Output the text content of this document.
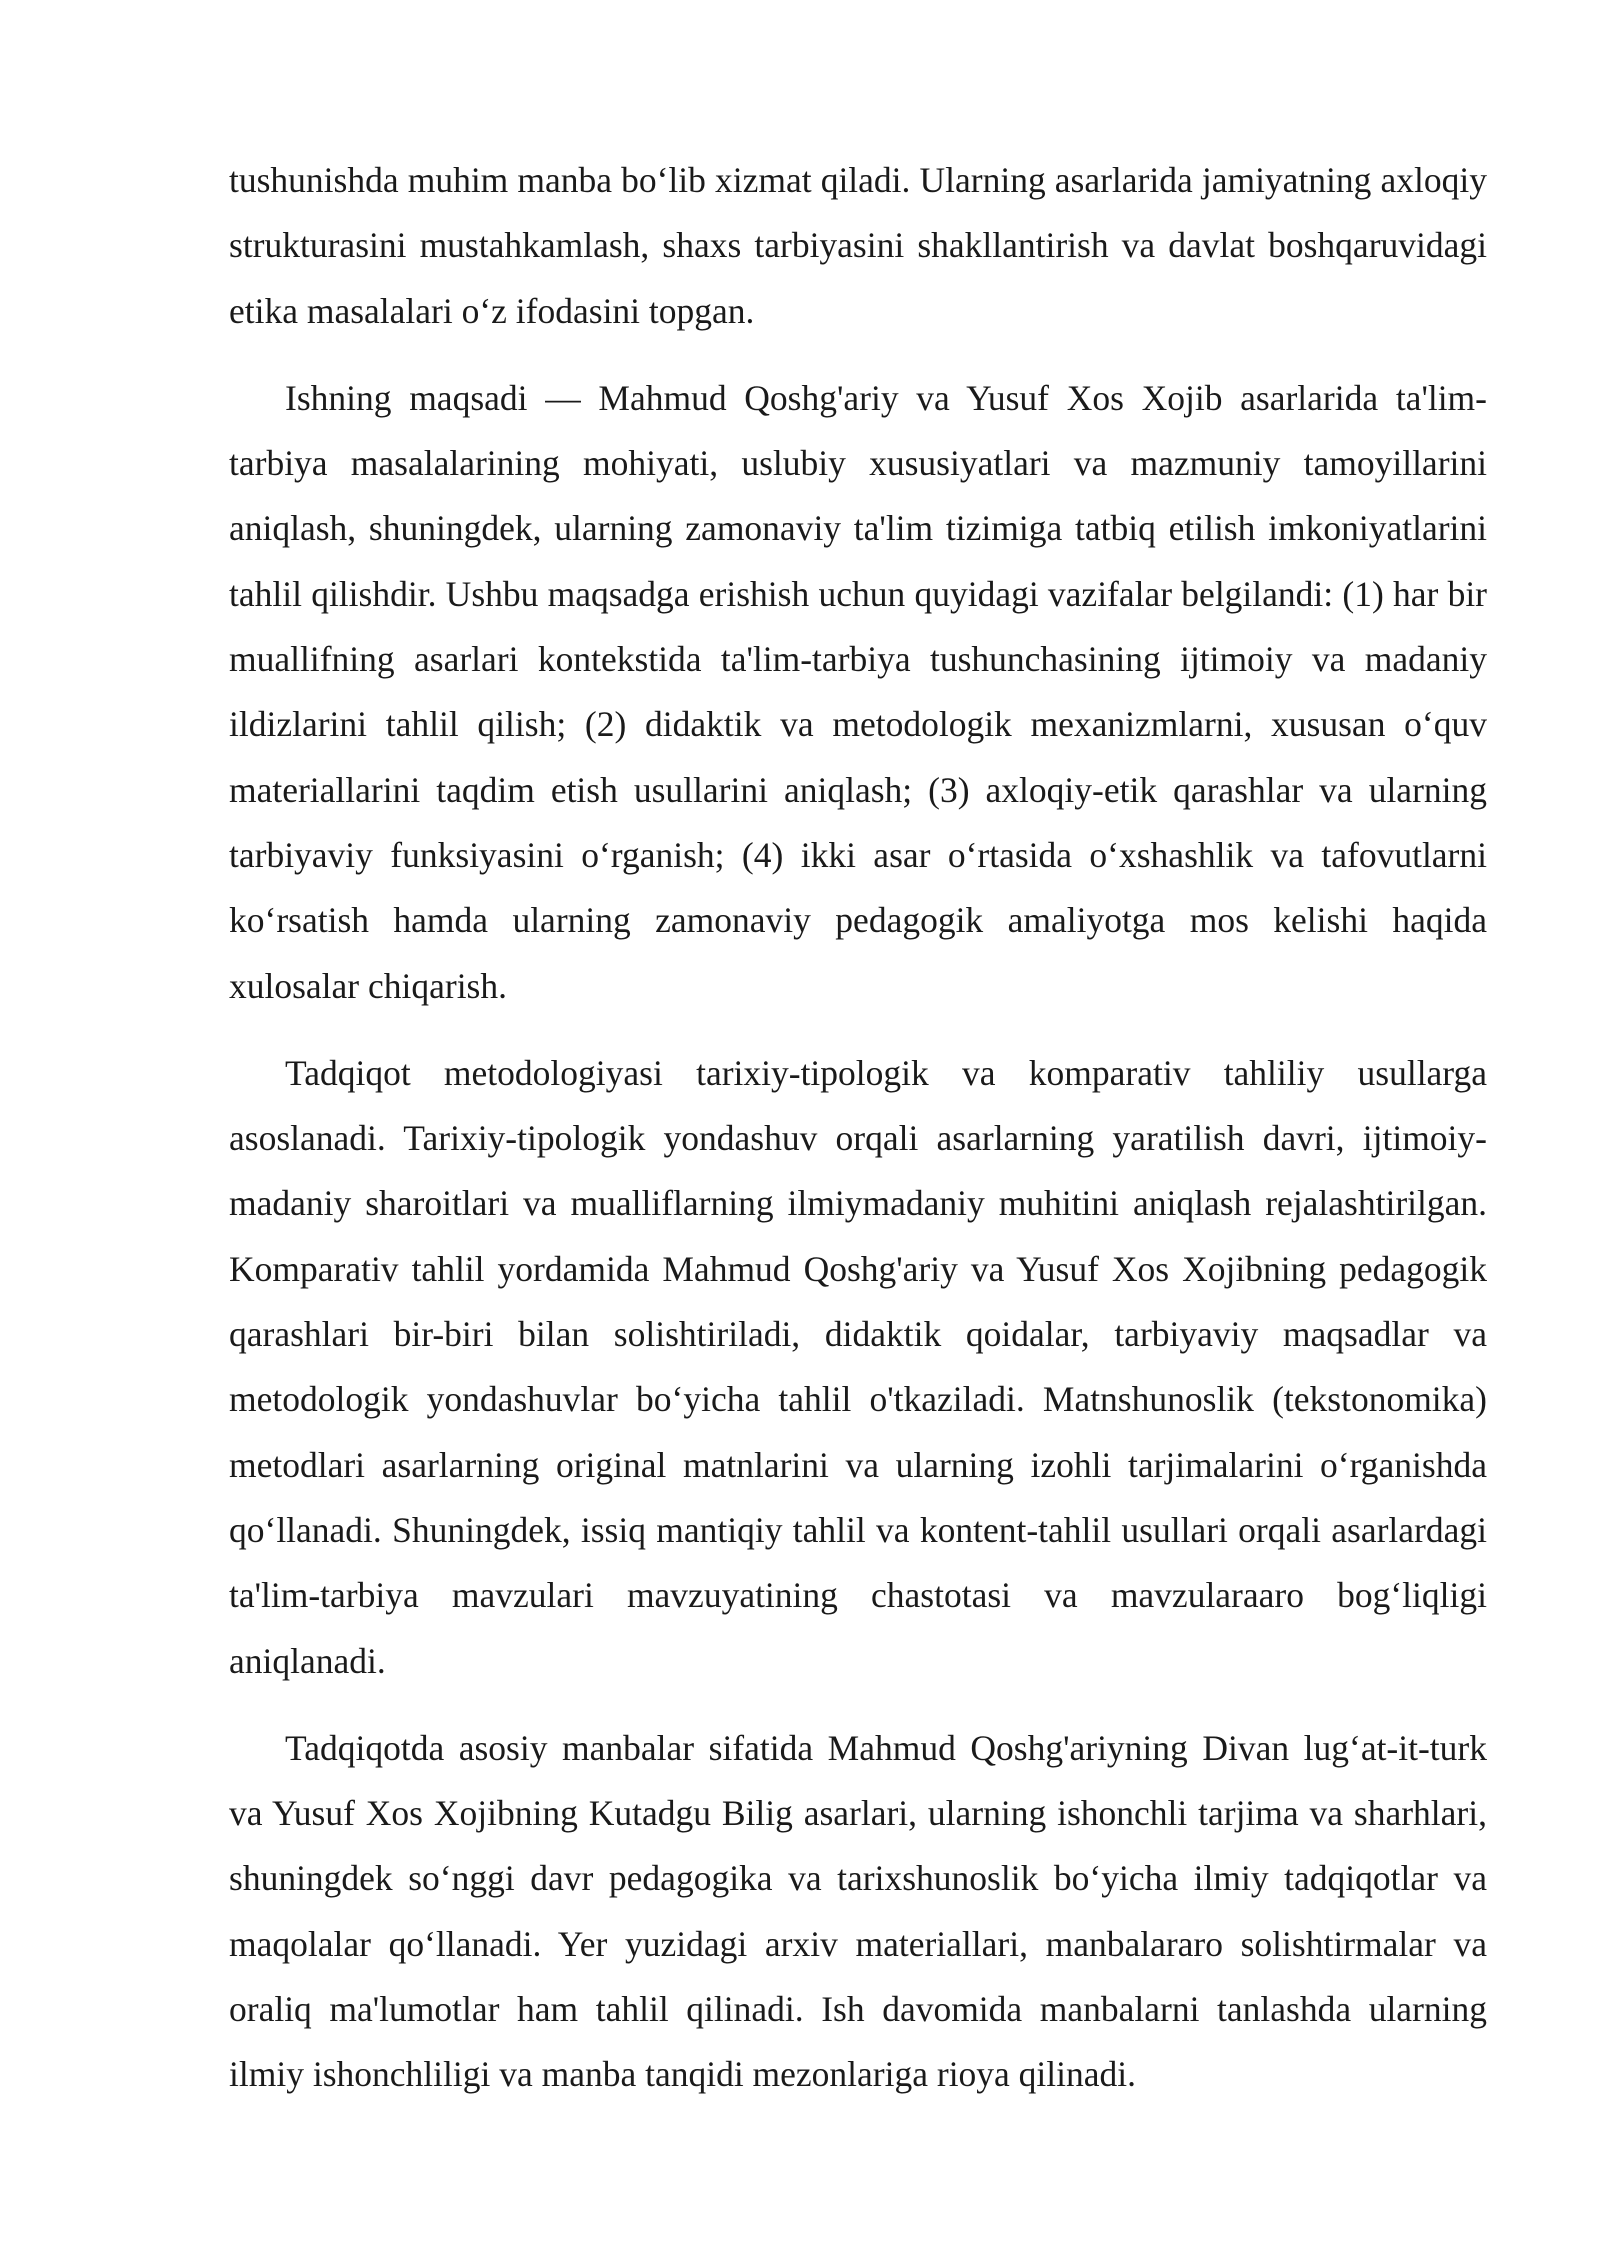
tushunishda muhim manba bo‘lib xizmat qiladi. Ularning asarlarida jamiyatning axloqiy strukturasini mustahkamlash, shaxs tarbiyasini shakllantirish va davlat boshqaruvidagi etika masalalari o‘z ifodasini topgan.

Ishning maqsadi — Mahmud Qoshg'ariy va Yusuf Xos Xojib asarlarida ta'lim-tarbiya masalalarining mohiyati, uslubiy xususiyatlari va mazmuniy tamoyillarini aniqlash, shuningdek, ularning zamonaviy ta'lim tizimiga tatbiq etilish imkoniyatlarini tahlil qilishdir. Ushbu maqsadga erishish uchun quyidagi vazifalar belgilandi: (1) har bir muallifning asarlari kontekstida ta'lim-tarbiya tushunchasining ijtimoiy va madaniy ildizlarini tahlil qilish; (2) didaktik va metodologik mexanizmlarni, xususan o‘quv materiallarini taqdim etish usullarini aniqlash; (3) axloqiy-etik qarashlar va ularning tarbiyaviy funksiyasini o‘rganish; (4) ikki asar o‘rtasida o‘xshashlik va tafovutlarni ko‘rsatish hamda ularning zamonaviy pedagogik amaliyotga mos kelishi haqida xulosalar chiqarish.

Tadqiqot metodologiyasi tarixiy-tipologik va komparativ tahliliy usullarga asoslanadi. Tarixiy-tipologik yondashuv orqali asarlarning yaratilish davri, ijtimoiy-madaniy sharoitlari va mualliflarning ilmiymadaniy muhitini aniqlash rejalashtirilgan. Komparativ tahlil yordamida Mahmud Qoshg'ariy va Yusuf Xos Xojibning pedagogik qarashlari bir-biri bilan solishtiriladi, didaktik qoidalar, tarbiyaviy maqsadlar va metodologik yondashuvlar bo‘yicha tahlil o'tkaziladi. Matnshunoslik (tekstonomika) metodlari asarlarning original matnlarini va ularning izohli tarjimalarini o‘rganishda qo‘llanadi. Shuningdek, issiq mantiqiy tahlil va kontent-tahlil usullari orqali asarlardagi ta'lim-tarbiya mavzulari mavzuyatining chastotasi va mavzularaaro bog‘liqligi aniqlanadi.

Tadqiqotda asosiy manbalar sifatida Mahmud Qoshg'ariyning Divan lug‘at-it-turk va Yusuf Xos Xojibning Kutadgu Bilig asarlari, ularning ishonchli tarjima va sharhlari, shuningdek so‘nggi davr pedagogika va tarixshunoslik bo‘yicha ilmiy tadqiqotlar va maqolalar qo‘llanadi. Yer yuzidagi arxiv materiallari, manbalararo solishtirmalar va oraliq ma'lumotlar ham tahlil qilinadi. Ish davomida manbalarni tanlashda ularning ilmiy ishonchliligi va manba tanqidi mezonlariga rioya qilinadi.
